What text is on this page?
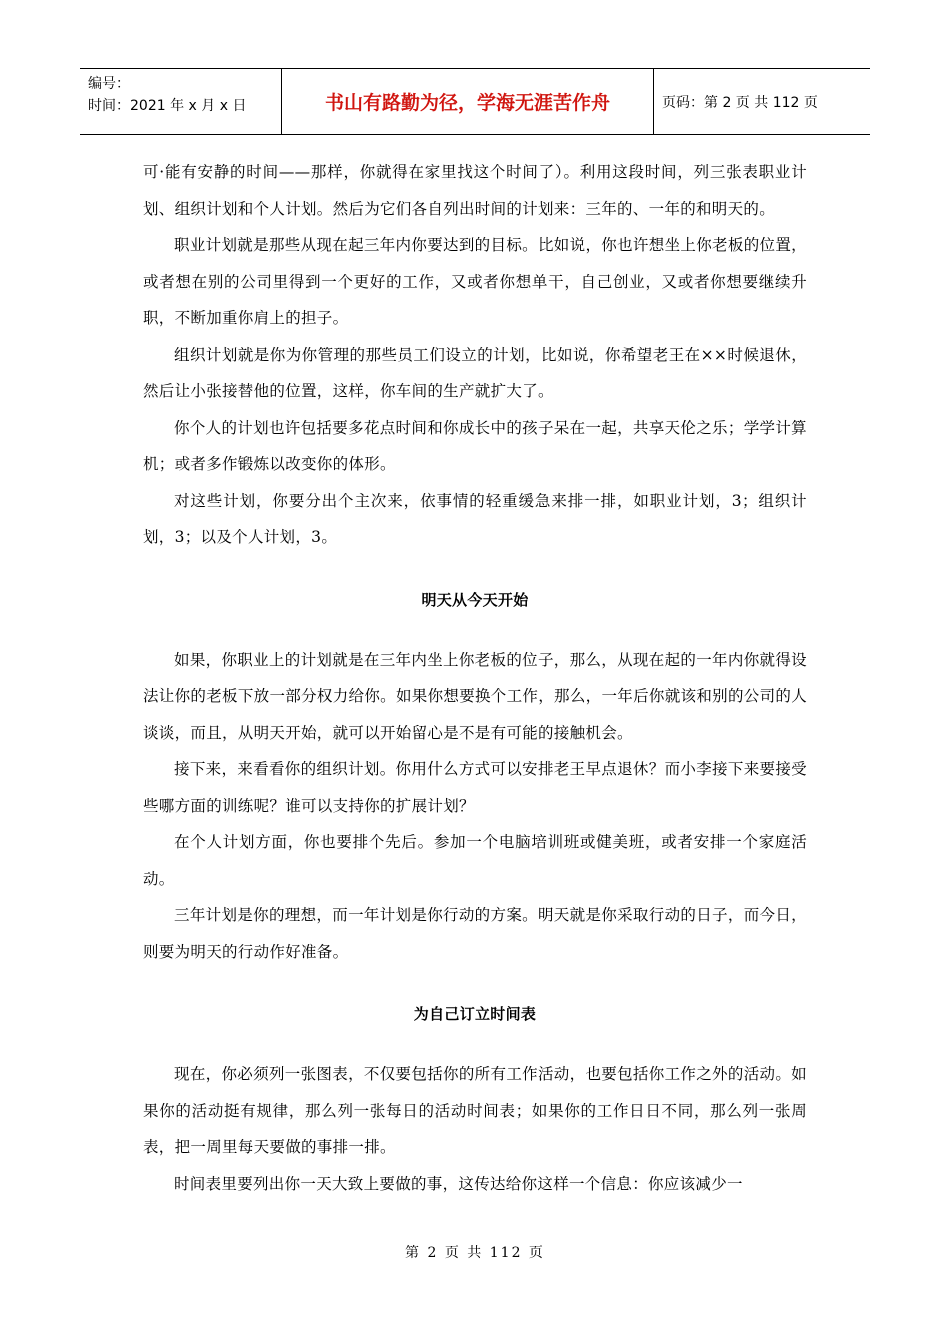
编号：
时间：2021 年 x 月 x 日	书山有路勤为径，学海无涯苦作舟	页码：第 2 页 共 112 页

可·能有安静的时间——那样，你就得在家里找这个时间了）。利用这段时间，列三张表职业计划、组织计划和个人计划。然后为它们各自列出时间的计划来：三年的、一年的和明天的。

职业计划就是那些从现在起三年内你要达到的目标。比如说，你也许想坐上你老板的位置，或者想在别的公司里得到一个更好的工作，又或者你想单干，自己创业，又或者你想要继续升职，不断加重你肩上的担子。

组织计划就是你为你管理的那些员工们设立的计划，比如说，你希望老王在××时候退休，然后让小张接替他的位置，这样，你车间的生产就扩大了。

你个人的计划也许包括要多花点时间和你成长中的孩子呆在一起，共享天伦之乐；学学计算机；或者多作锻炼以改变你的体形。

对这些计划，你要分出个主次来，依事情的轻重缓急来排一排，如职业计划，3；组织计划，3；以及个人计划，3。

明天从今天开始

如果，你职业上的计划就是在三年内坐上你老板的位子，那么，从现在起的一年内你就得设法让你的老板下放一部分权力给你。如果你想要换个工作，那么，一年后你就该和别的公司的人谈谈，而且，从明天开始，就可以开始留心是不是有可能的接触机会。

接下来，来看看你的组织计划。你用什么方式可以安排老王早点退休？而小李接下来要接受些哪方面的训练呢？谁可以支持你的扩展计划？

在个人计划方面，你也要排个先后。参加一个电脑培训班或健美班，或者安排一个家庭活动。

三年计划是你的理想，而一年计划是你行动的方案。明天就是你采取行动的日子，而今日，则要为明天的行动作好准备。

为自己订立时间表

现在，你必须列一张图表，不仅要包括你的所有工作活动，也要包括你工作之外的活动。如果你的活动挺有规律，那么列一张每日的活动时间表；如果你的工作日日不同，那么列一张周表，把一周里每天要做的事排一排。

时间表里要列出你一天大致上要做的事，这传达给你这样一个信息：你应该减少一

第 2 页 共 112 页
